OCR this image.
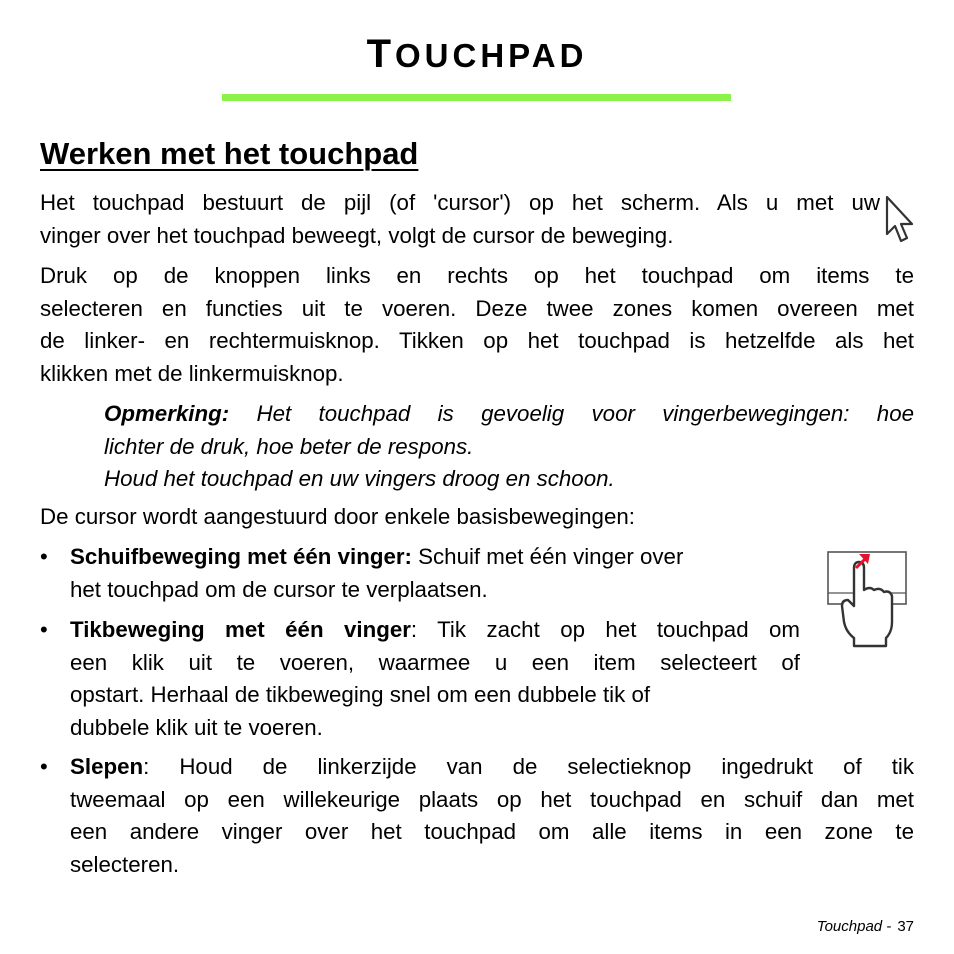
TOUCHPAD
Werken met het touchpad

Het touchpad bestuurt de pijl (of 'cursor') op het scherm. Als u met uw
vinger over het touchpad beweegt, volgt de cursor de beweging.

Druk op de knoppen links en rechts op het touchpad om items te
selecteren en functies uit te voeren. Deze twee zones komen overeen met
de linker- en rechtermuisknop. Tikken op het touchpad is hetzelfde als het
klikken met de linkermuisknop.

Opmerking: Het touchpad is gevoelig voor vingerbewegingen: hoe
lichter de druk, hoe beter de respons.
Houd het touchpad en uw vingers droog en schoon.

De cursor wordt aangestuurd door enkele basisbewegingen:

• Schuifbeweging met één vinger: Schuif met één vinger over
het touchpad om de cursor te verplaatsen.

• Tikbeweging met één vinger: Tik zacht op het touchpad om
een klik uit te voeren, waarmee u een item selecteert of
opstart. Herhaal de tikbeweging snel om een dubbele tik of
dubbele klik uit te voeren.

• Slepen: Houd de linkerzijde van de selectieknop ingedrukt of tik
tweemaal op een willekeurige plaats op het touchpad en schuif dan met
een andere vinger over het touchpad om alle items in een zone te
selecteren.

Touchpad - 37
